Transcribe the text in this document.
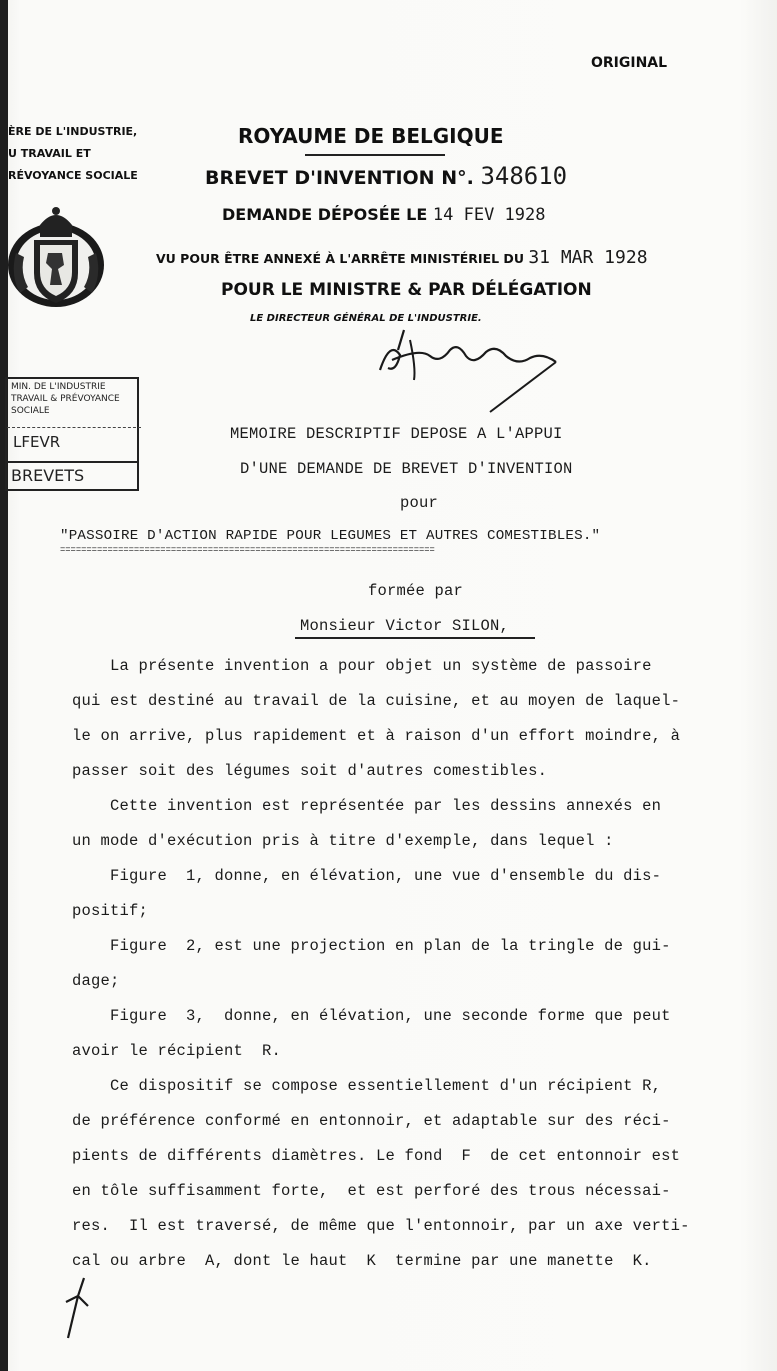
ORIGINAL
ÈRE DE L'INDUSTRIE,
U TRAVAIL ET
RÉVOYANCE SOCIALE
MIN. DE L'INDUSTRIE TRAVAIL & PRÉVOYANCE SOCIALE
LFEVR
BREVETS
ROYAUME DE BELGIQUE
BREVET D'INVENTION N°. 348610
DEMANDE DÉPOSÉE LE 14 FEV 1928
VU POUR ÊTRE ANNEXÉ À L'ARRÊTE MINISTÉRIEL DU 31 MAR 1928
POUR LE MINISTRE & PAR DÉLÉGATION
LE DIRECTEUR GÉNÉRAL DE L'INDUSTRIE.
MEMOIRE DESCRIPTIF DEPOSE A L'APPUI
D'UNE DEMANDE DE BREVET D'INVENTION
pour
"PASSOIRE D'ACTION RAPIDE POUR LEGUMES ET AUTRES COMESTIBLES."
=======================================================================
formée par
Monsieur Victor SILON,
La présente invention a pour objet un système de passoire
qui est destiné au travail de la cuisine, et au moyen de laquel-
le on arrive, plus rapidement et à raison d'un effort moindre, à
passer soit des légumes soit d'autres comestibles.
Cette invention est représentée par les dessins annexés en
un mode d'exécution pris à titre d'exemple, dans lequel :
Figure  1, donne, en élévation, une vue d'ensemble du dis-
positif;
Figure  2, est une projection en plan de la tringle de gui-
dage;
Figure  3,  donne, en élévation, une seconde forme que peut
avoir le récipient  R.
Ce dispositif se compose essentiellement d'un récipient R,
de préférence conformé en entonnoir, et adaptable sur des réci-
pients de différents diamètres. Le fond  F  de cet entonnoir est
en tôle suffisamment forte,  et est perforé des trous nécessai-
res.  Il est traversé, de même que l'entonnoir, par un axe verti-
cal ou arbre  A, dont le haut  K  termine par une manette  K.
